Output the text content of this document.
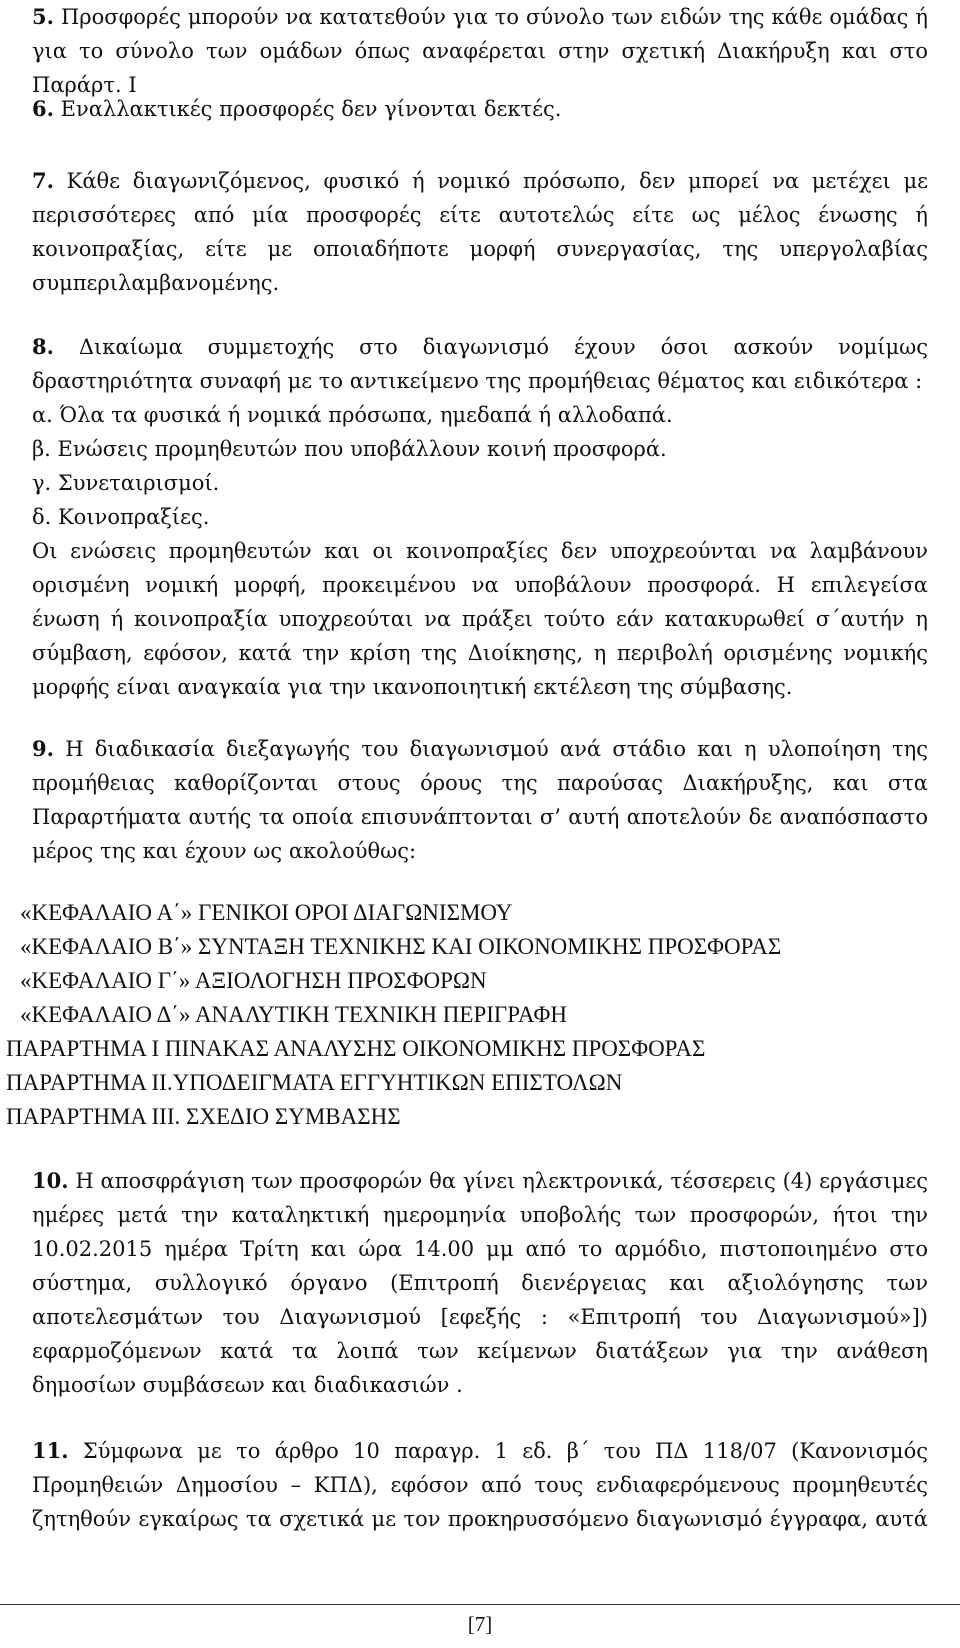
5. Προσφορές μπορούν να κατατεθούν για το σύνολο των ειδών της κάθε ομάδας ή για το σύνολο των ομάδων όπως αναφέρεται στην σχετική Διακήρυξη και στο Παράρτ. Ι
6. Εναλλακτικές προσφορές δεν γίνονται δεκτές.
7. Κάθε διαγωνιζόμενος, φυσικό ή νομικό πρόσωπο, δεν μπορεί να μετέχει με περισσότερες από μία προσφορές είτε αυτοτελώς είτε ως μέλος ένωσης ή κοινοπραξίας, είτε με οποιαδήποτε μορφή συνεργασίας, της υπεργολαβίας συμπεριλαμβανομένης.
8. Δικαίωμα συμμετοχής στο διαγωνισμό έχουν όσοι ασκούν νομίμως δραστηριότητα συναφή με το αντικείμενο της προμήθειας θέματος και ειδικότερα :
α. Όλα τα φυσικά ή νομικά πρόσωπα, ημεδαπά ή αλλοδαπά.
β. Ενώσεις προμηθευτών που υποβάλλουν κοινή προσφορά.
γ. Συνεταιρισμοί.
δ. Κοινοπραξίες.
Οι ενώσεις προμηθευτών και οι κοινοπραξίες δεν υποχρεούνται να λαμβάνουν ορισμένη νομική μορφή, προκειμένου να υποβάλουν προσφορά. Η επιλεγείσα ένωση ή κοινοπραξία υποχρεούται να πράξει τούτο εάν κατακυρωθεί σ΄αυτήν η σύμβαση, εφόσον, κατά την κρίση της Διοίκησης, η περιβολή ορισμένης νομικής μορφής είναι αναγκαία για την ικανοποιητική εκτέλεση της σύμβασης.
9. Η διαδικασία διεξαγωγής του διαγωνισμού ανά στάδιο και η υλοποίηση της προμήθειας καθορίζονται στους όρους της παρούσας Διακήρυξης, και στα Παραρτήματα αυτής τα οποία επισυνάπτονται σ’ αυτή αποτελούν δε αναπόσπαστο μέρος της και έχουν ως ακολούθως:
«ΚΕΦΑΛΑΙΟ Α΄» ΓΕΝΙΚΟΙ ΟΡΟΙ ΔΙΑΓΩΝΙΣΜΟΥ
«ΚΕΦΑΛΑΙΟ Β΄» ΣΥΝΤΑΞΗ ΤΕΧΝΙΚΗΣ ΚΑΙ ΟΙΚΟΝΟΜΙΚΗΣ ΠΡΟΣΦΟΡΑΣ
«ΚΕΦΑΛΑΙΟ Γ΄» ΑΞΙΟΛΟΓΗΣΗ ΠΡΟΣΦΟΡΩΝ
«ΚΕΦΑΛΑΙΟ Δ΄» ΑΝΑΛΥΤΙΚΗ ΤΕΧΝΙΚΗ ΠΕΡΙΓΡΑΦΗ
ΠΑΡΑΡΤΗΜΑ Ι ΠΙΝΑΚΑΣ ΑΝΑΛΥΣΗΣ ΟΙΚΟΝΟΜΙΚΗΣ ΠΡΟΣΦΟΡΑΣ
ΠΑΡΑΡΤΗΜΑ ΙΙ.ΥΠΟΔΕΙΓΜΑΤΑ ΕΓΓΥΗΤΙΚΩΝ ΕΠΙΣΤΟΛΩΝ
ΠΑΡΑΡΤΗΜΑ ΙΙΙ. ΣΧΕΔΙΟ ΣΥΜΒΑΣΗΣ
10. Η αποσφράγιση των προσφορών θα γίνει ηλεκτρονικά, τέσσερεις (4) εργάσιμες ημέρες μετά την καταληκτική ημερομηνία υποβολής των προσφορών, ήτοι την 10.02.2015 ημέρα Τρίτη και ώρα 14.00 μμ από το αρμόδιο, πιστοποιημένο στο σύστημα, συλλογικό όργανο (Επιτροπή διενέργειας και αξιολόγησης των αποτελεσμάτων του Διαγωνισμού [εφεξής : «Επιτροπή του Διαγωνισμού»]) εφαρμοζόμενων κατά τα λοιπά των κείμενων διατάξεων για την ανάθεση δημοσίων συμβάσεων και διαδικασιών .
11. Σύμφωνα με το άρθρο 10 παραγρ. 1 εδ. β΄ του ΠΔ 118/07 (Κανονισμός Προμηθειών Δημοσίου – ΚΠΔ), εφόσον από τους ενδιαφερόμενους προμηθευτές ζητηθούν εγκαίρως τα σχετικά με τον προκηρυσσόμενο διαγωνισμό έγγραφα, αυτά
[7]
